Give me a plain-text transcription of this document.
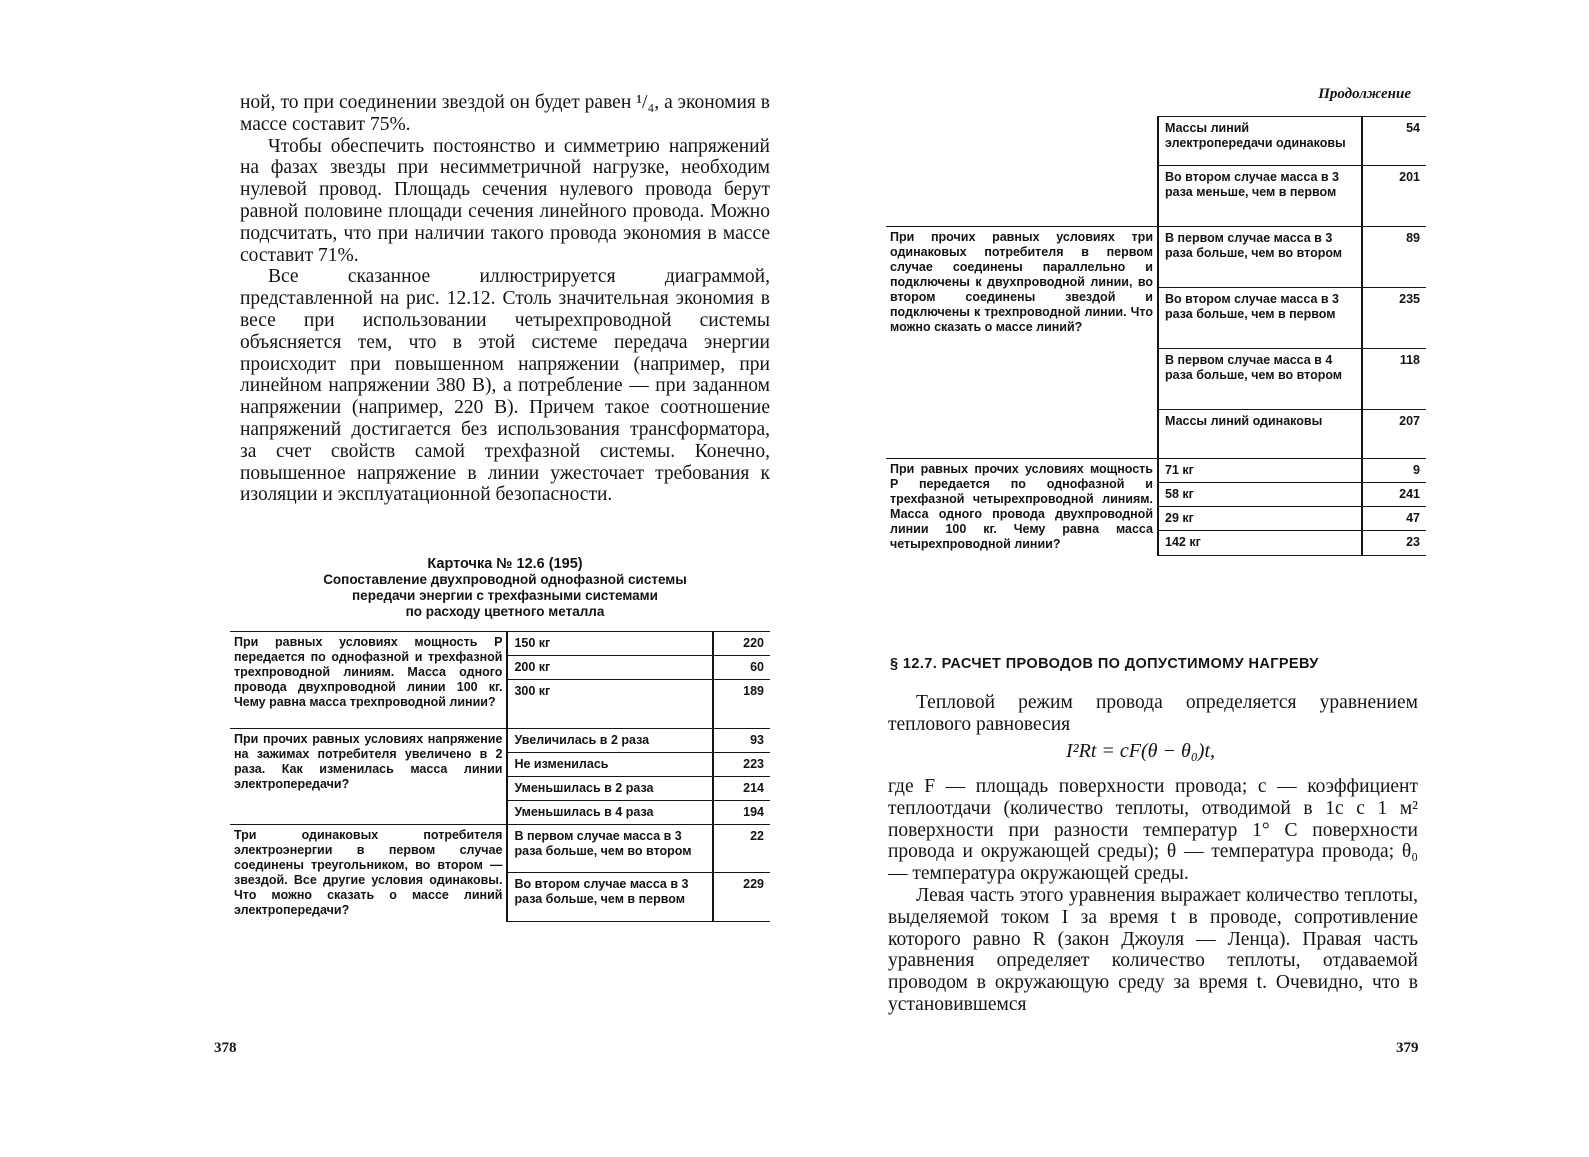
ной, то при соединении звездой он будет равен ¹/₄, а экономия в массе составит 75%.

Чтобы обеспечить постоянство и симметрию напряжений на фазах звезды при несимметричной нагрузке, необходим нулевой провод. Площадь сечения нулевого провода берут равной половине площади сечения линейного провода. Можно подсчитать, что при наличии такого провода экономия в массе составит 71%.

Все сказанное иллюстрируется диаграммой, представленной на рис. 12.12. Столь значительная экономия в весе при использовании четырехпроводной системы объясняется тем, что в этой системе передача энергии происходит при повышенном напряжении (например, при линейном напряжении 380 В), а потребление — при заданном напряжении (например, 220 В). Причем такое соотношение напряжений достигается без использования трансформатора, за счет свойств самой трехфазной системы. Конечно, повышенное напряжение в линии ужесточает требования к изоляции и эксплуатационной безопасности.

Карточка № 12.6 (195)
Сопоставление двухпроводной однофазной системы
передачи энергии с трехфазными системами
по расходу цветного металла
При равных условиях мощность P передается по однофазной и трехфазной трехпроводной линиям. Масса одного провода двухпроводной линии 100 кг. Чему равна масса трехпроводной линии?	150 кг	220
	200 кг	60
	300 кг	189
При прочих равных условиях напряжение на зажимах потребителя увеличено в 2 раза. Как изменилась масса линии электропередачи?	Увеличилась в 2 раза	93
	Не изменилась	223
	Уменьшилась в 2 раза	214
	Уменьшилась в 4 раза	194
Три одинаковых потребителя электроэнергии в первом случае соединены треугольником, во втором — звездой. Все другие условия одинаковы. Что можно сказать о массе линий электропередачи?	В первом случае масса в 3 раза больше, чем во втором	22
	Во втором случае масса в 3 раза больше, чем в первом	229
378
Продолжение
	Массы линий электропередачи одинаковы	54
	Во втором случае масса в 3 раза меньше, чем в первом	201
При прочих равных условиях три одинаковых потребителя в первом случае соединены параллельно и подключены к двухпроводной линии, во втором соединены звездой и подключены к трехпроводной линии. Что можно сказать о массе линий?	В первом случае масса в 3 раза больше, чем во втором	89
	Во втором случае масса в 3 раза больше, чем в первом	235
	В первом случае масса в 4 раза больше, чем во втором	118
	Массы линий одинаковы	207
При равных прочих условиях мощность P передается по однофазной и трехфазной четырехпроводной линиям. Масса одного провода двухпроводной линии 100 кг. Чему равна масса четырехпроводной линии?	71 кг	9
	58 кг	241
	29 кг	47
	142 кг	23
§ 12.7. РАСЧЕТ ПРОВОДОВ ПО ДОПУСТИМОМУ НАГРЕВУ

Тепловой режим провода определяется уравнением теплового равновесия

I²Rt = cF(θ − θ₀)t,

где F — площадь поверхности провода; c — коэффициент теплоотдачи (количество теплоты, отводимой в 1с с 1 м² поверхности при разности температур 1° С поверхности провода и окружающей среды); θ — температура провода; θ₀ — температура окружающей среды.

Левая часть этого уравнения выражает количество теплоты, выделяемой током I за время t в проводе, сопротивление которого равно R (закон Джоуля — Ленца). Правая часть уравнения определяет количество теплоты, отдаваемой проводом в окружающую среду за время t. Очевидно, что в установившемся

379
